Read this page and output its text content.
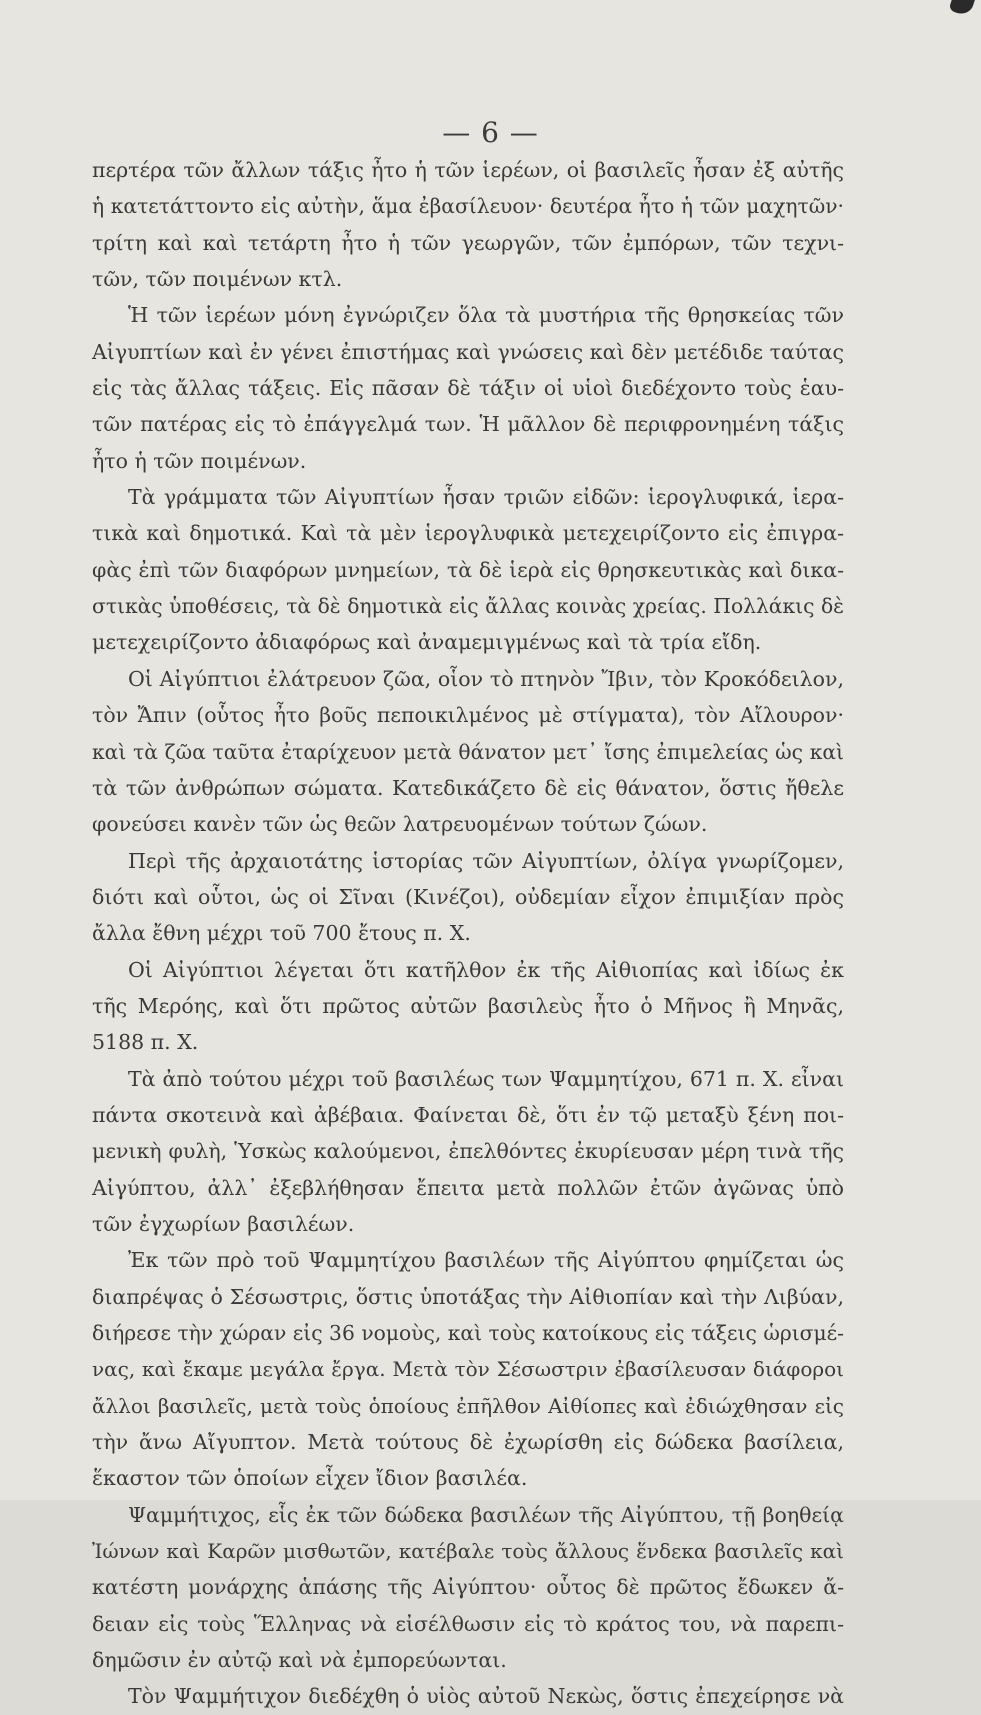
— 6 —
περτέρα τῶν ἄλλων τάξις ἦτο ἡ τῶν ἱερέων, οἱ βασιλεῖς ἦσαν ἐξ αὐτῆς
ἡ κατετάττοντο εἰς αὐτὴν, ἅμα ἐβασίλευον· δευτέρα ἦτο ἡ τῶν μαχητῶν·
τρίτη καὶ καὶ τετάρτη ἦτο ἡ τῶν γεωργῶν, τῶν ἐμπόρων, τῶν τεχνι-
τῶν, τῶν ποιμένων κτλ.
Ἡ τῶν ἱερέων μόνη ἐγνώριζεν ὅλα τὰ μυστήρια τῆς θρησκείας τῶν
Αἰγυπτίων καὶ ἐν γένει ἐπιστήμας καὶ γνώσεις καὶ δὲν μετέδιδε ταύτας
εἰς τὰς ἄλλας τάξεις. Εἰς πᾶσαν δὲ τάξιν οἱ υἱοὶ διεδέχοντο τοὺς ἑαυ-
τῶν πατέρας εἰς τὸ ἐπάγγελμά των. Ἡ μᾶλλον δὲ περιφρονημένη τάξις
ἦτο ἡ τῶν ποιμένων.
Τὰ γράμματα τῶν Αἰγυπτίων ἦσαν τριῶν εἰδῶν: ἱερογλυφικά, ἱερα-
τικὰ καὶ δημοτικά. Καὶ τὰ μὲν ἱερογλυφικὰ μετεχειρίζοντο εἰς ἐπιγρα-
φὰς ἐπὶ τῶν διαφόρων μνημείων, τὰ δὲ ἱερὰ εἰς θρησκευτικὰς καὶ δικα-
στικὰς ὑποθέσεις, τὰ δὲ δημοτικὰ εἰς ἄλλας κοινὰς χρείας. Πολλάκις δὲ
μετεχειρίζοντο ἀδιαφόρως καὶ ἀναμεμιγμένως καὶ τὰ τρία εἴδη.
Οἱ Αἰγύπτιοι ἐλάτρευον ζῶα, οἷον τὸ πτηνὸν Ἴβιν, τὸν Κροκόδειλον,
τὸν Ἄπιν (οὗτος ἦτο βοῦς πεποικιλμένος μὲ στίγματα), τὸν Αἴλουρον·
καὶ τὰ ζῶα ταῦτα ἐταρίχευον μετὰ θάνατον μετ᾽ ἴσης ἐπιμελείας ὡς καὶ
τὰ τῶν ἀνθρώπων σώματα. Κατεδικάζετο δὲ εἰς θάνατον, ὅστις ἤθελε
φονεύσει κανὲν τῶν ὡς θεῶν λατρευομένων τούτων ζώων.
Περὶ τῆς ἀρχαιοτάτης ἱστορίας τῶν Αἰγυπτίων, ὀλίγα γνωρίζομεν,
διότι καὶ οὗτοι, ὡς οἱ Σῖναι (Κινέζοι), οὐδεμίαν εἶχον ἐπιμιξίαν πρὸς
ἄλλα ἔθνη μέχρι τοῦ 700 ἔτους π. Χ.
Οἱ Αἰγύπτιοι λέγεται ὅτι κατῆλθον ἐκ τῆς Αἰθιοπίας καὶ ἰδίως ἐκ
τῆς Μερόης, καὶ ὅτι πρῶτος αὐτῶν βασιλεὺς ἦτο ὁ Μῆνος ἢ Μηνᾶς,
5188 π. Χ.
Τὰ ἀπὸ τούτου μέχρι τοῦ βασιλέως των Ψαμμητίχου, 671 π. Χ. εἶναι
πάντα σκοτεινὰ καὶ ἀβέβαια. Φαίνεται δὲ, ὅτι ἐν τῷ μεταξὺ ξένη ποι-
μενικὴ φυλὴ, Ὑσκὼς καλούμενοι, ἐπελθόντες ἐκυρίευσαν μέρη τινὰ τῆς
Αἰγύπτου, ἀλλ᾽ ἐξεβλήθησαν ἔπειτα μετὰ πολλῶν ἐτῶν ἀγῶνας ὑπὸ
τῶν ἐγχωρίων βασιλέων.
Ἐκ τῶν πρὸ τοῦ Ψαμμητίχου βασιλέων τῆς Αἰγύπτου φημίζεται ὡς
διαπρέψας ὁ Σέσωστρις, ὅστις ὑποτάξας τὴν Αἰθιοπίαν καὶ τὴν Λιβύαν,
διήρεσε τὴν χώραν εἰς 36 νομοὺς, καὶ τοὺς κατοίκους εἰς τάξεις ὡρισμέ-
νας, καὶ ἔκαμε μεγάλα ἔργα. Μετὰ τὸν Σέσωστριν ἐβασίλευσαν διάφοροι
ἄλλοι βασιλεῖς, μετὰ τοὺς ὁποίους ἐπῆλθον Αἰθίοπες καὶ ἐδιώχθησαν εἰς
τὴν ἄνω Αἴγυπτον. Μετὰ τούτους δὲ ἐχωρίσθη εἰς δώδεκα βασίλεια,
ἕκαστον τῶν ὁποίων εἶχεν ἴδιον βασιλέα.
Ψαμμήτιχος, εἷς ἐκ τῶν δώδεκα βασιλέων τῆς Αἰγύπτου, τῇ βοηθείᾳ
Ἰώνων καὶ Καρῶν μισθωτῶν, κατέβαλε τοὺς ἄλλους ἕνδεκα βασιλεῖς καὶ
κατέστη μονάρχης ἁπάσης τῆς Αἰγύπτου· οὗτος δὲ πρῶτος ἔδωκεν ἄ-
δειαν εἰς τοὺς Ἕλληνας νὰ εἰσέλθωσιν εἰς τὸ κράτος του, νὰ παρεπι-
δημῶσιν ἐν αὐτῷ καὶ νὰ ἐμπορεύωνται.
Τὸν Ψαμμήτιχον διεδέχθη ὁ υἱὸς αὐτοῦ Νεκὼς, ὅστις ἐπεχείρησε νὰ
